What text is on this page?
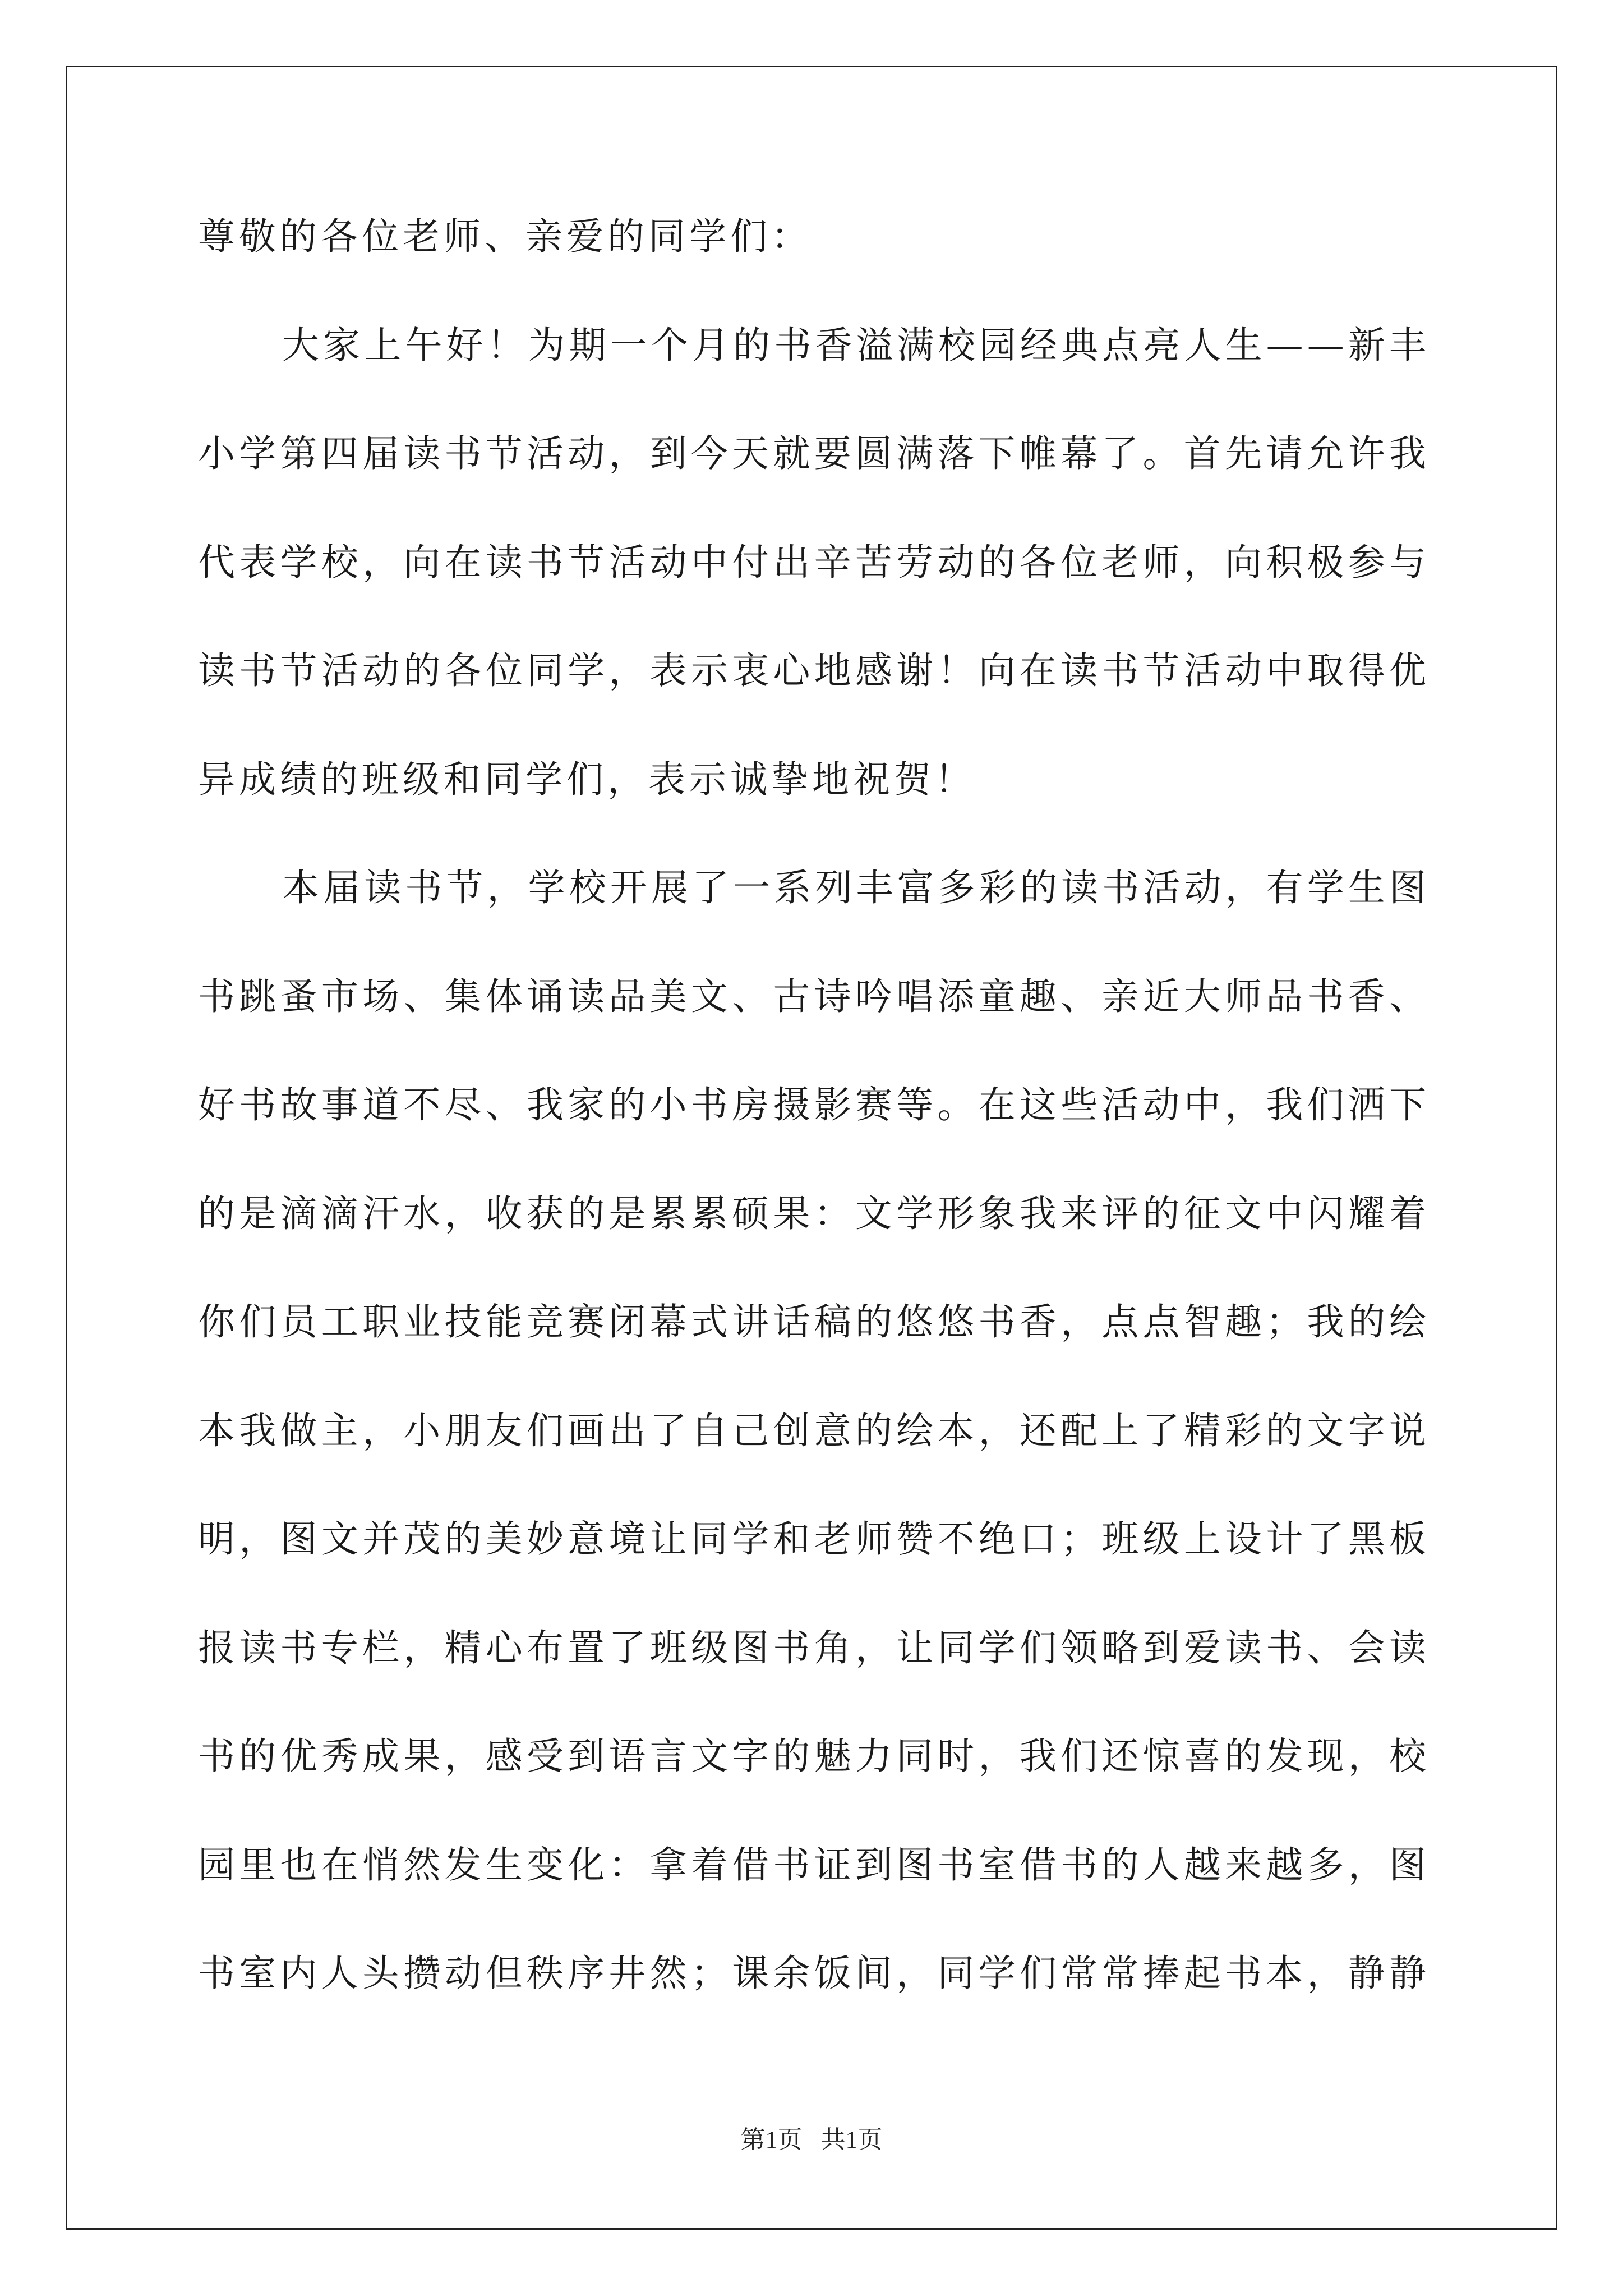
尊敬的各位老师、亲爱的同学们：
大家上午好！为期一个月的书香溢满校园经典点亮人生——新丰
小学第四届读书节活动，到今天就要圆满落下帷幕了。首先请允许我
代表学校，向在读书节活动中付出辛苦劳动的各位老师，向积极参与
读书节活动的各位同学，表示衷心地感谢！向在读书节活动中取得优
异成绩的班级和同学们，表示诚挚地祝贺！
本届读书节，学校开展了一系列丰富多彩的读书活动，有学生图
书跳蚤市场、集体诵读品美文、古诗吟唱添童趣、亲近大师品书香、
好书故事道不尽、我家的小书房摄影赛等。在这些活动中，我们洒下
的是滴滴汗水，收获的是累累硕果：文学形象我来评的征文中闪耀着
你们员工职业技能竞赛闭幕式讲话稿的悠悠书香，点点智趣；我的绘
本我做主，小朋友们画出了自己创意的绘本，还配上了精彩的文字说
明，图文并茂的美妙意境让同学和老师赞不绝口；班级上设计了黑板
报读书专栏，精心布置了班级图书角，让同学们领略到爱读书、会读
书的优秀成果，感受到语言文字的魅力同时，我们还惊喜的发现，校
园里也在悄然发生变化：拿着借书证到图书室借书的人越来越多，图
书室内人头攒动但秩序井然；课余饭间，同学们常常捧起书本，静静
第1页   共1页
